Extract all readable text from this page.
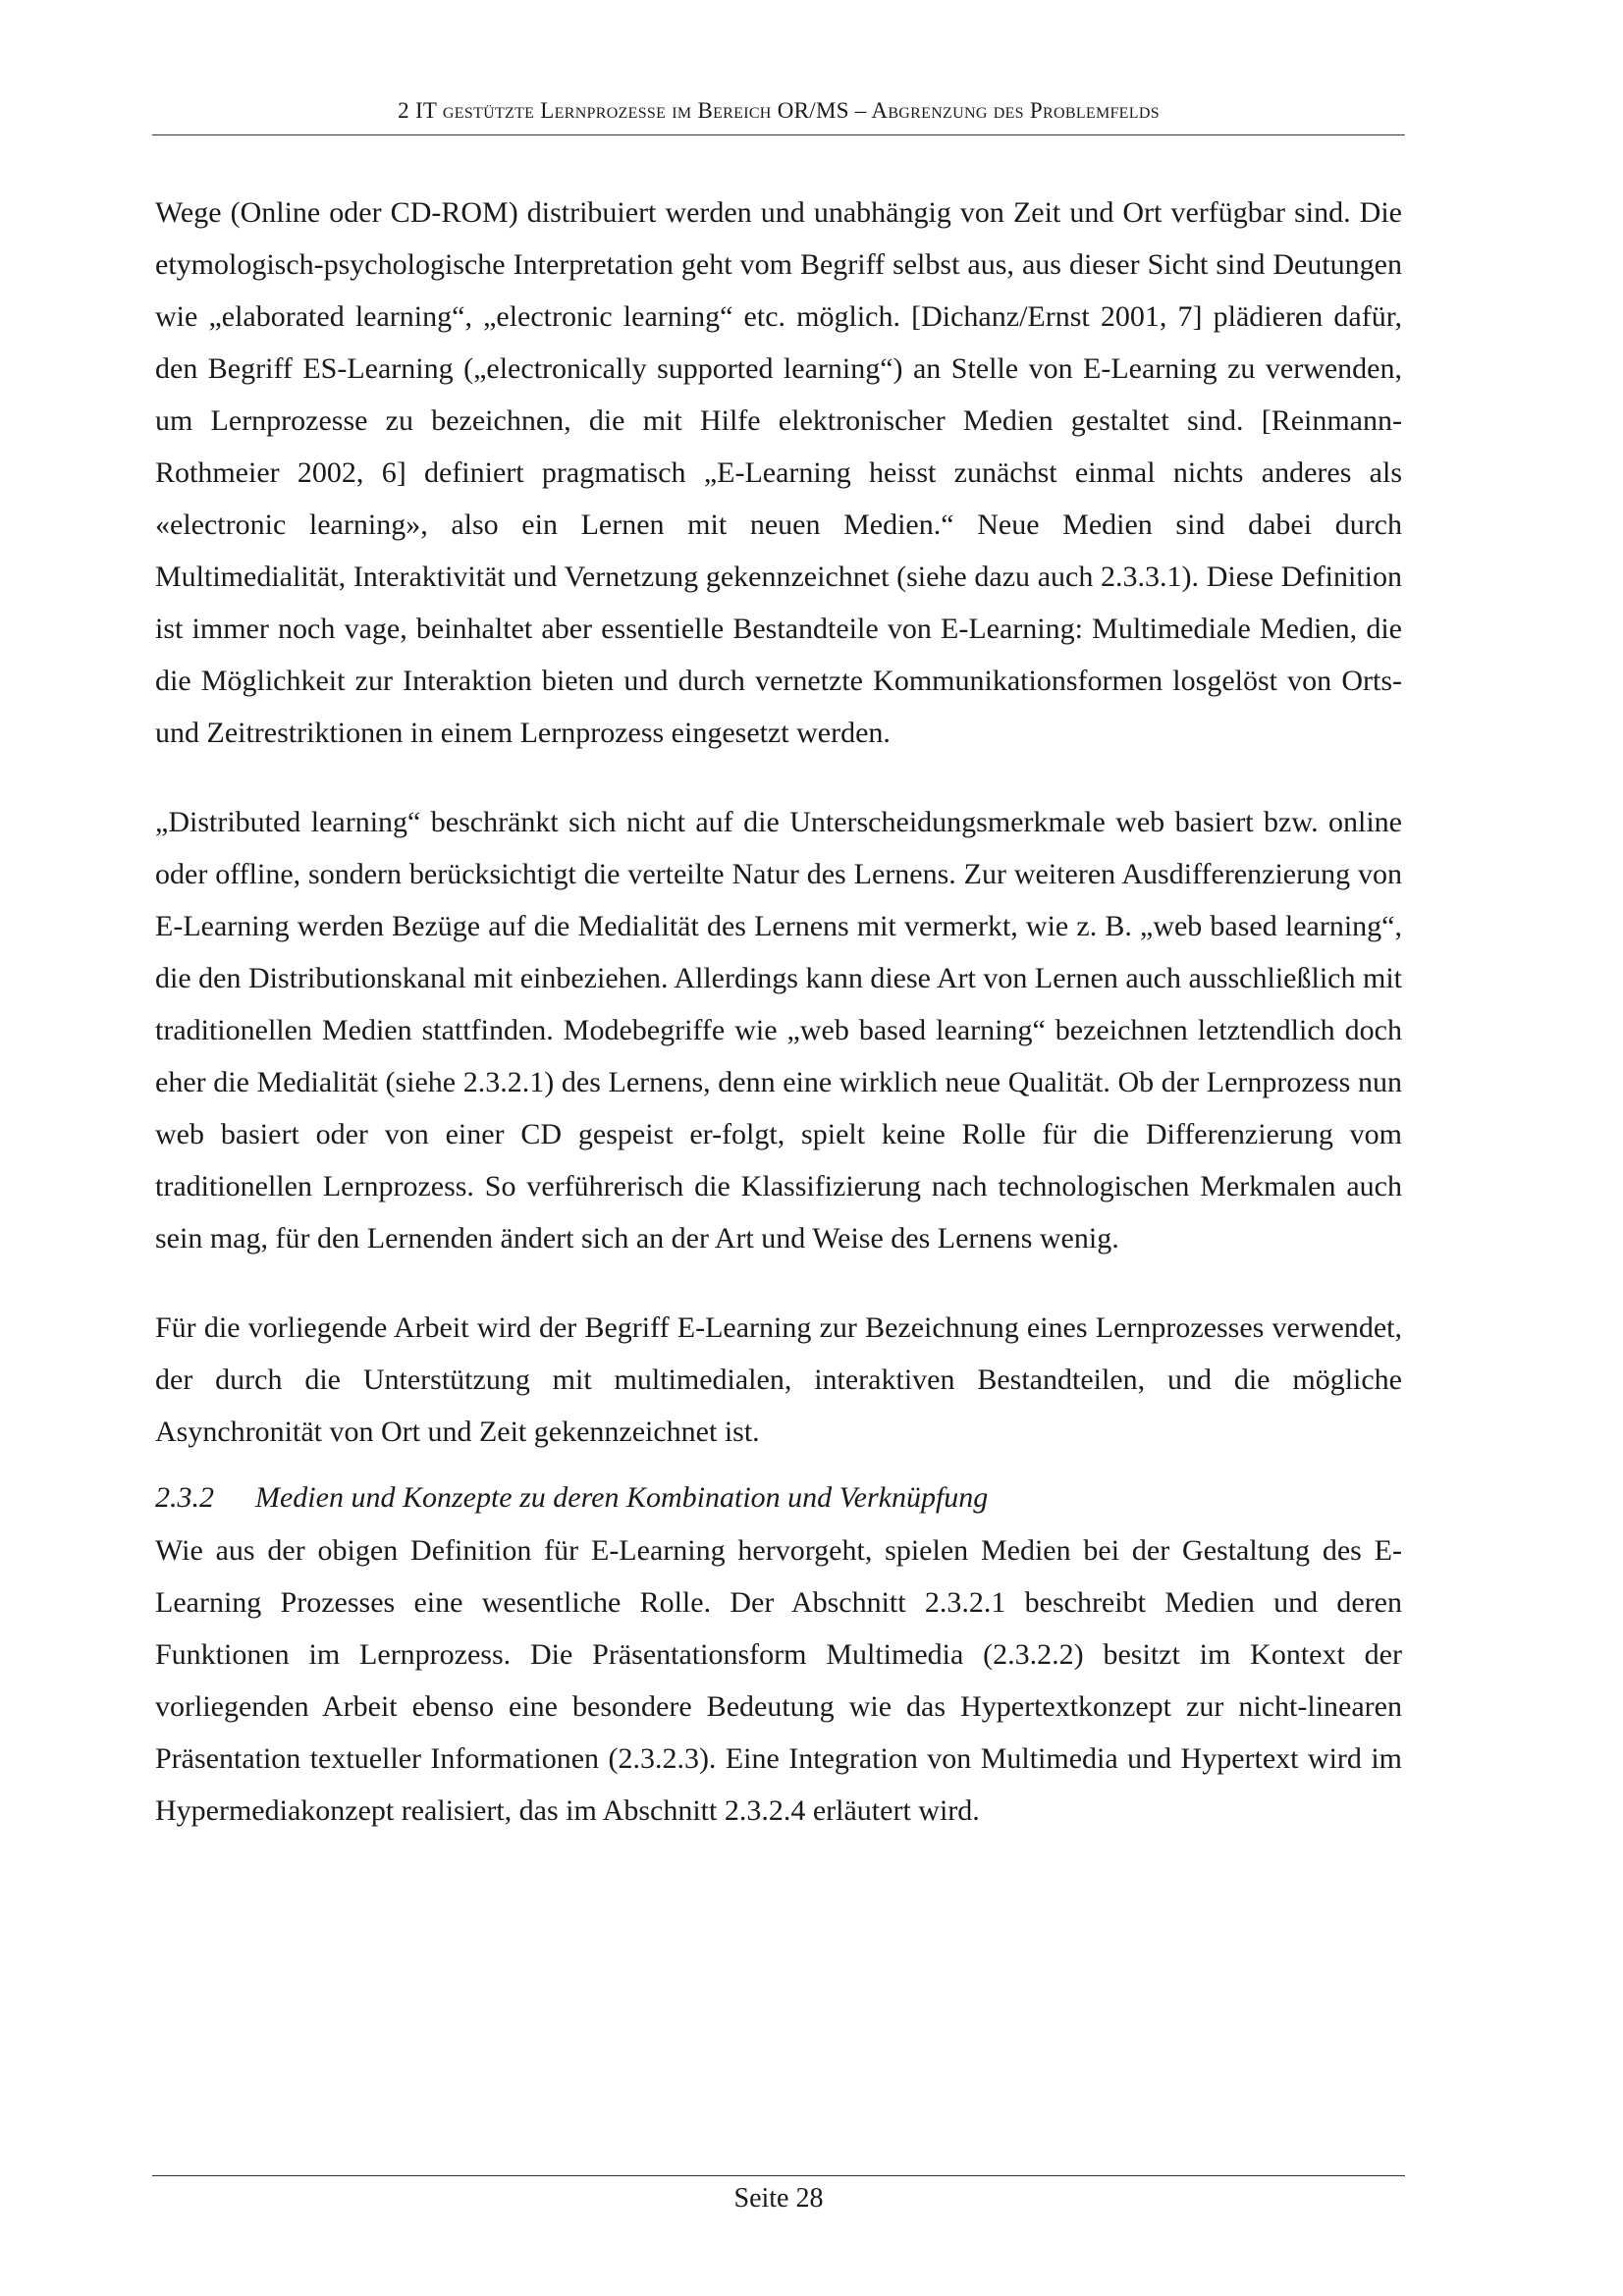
2 IT gestützte Lernprozesse im Bereich OR/MS – Abgrenzung des Problemfelds

Wege (Online oder CD-ROM) distribuiert werden und unabhängig von Zeit und Ort verfügbar sind. Die etymologisch-psychologische Interpretation geht vom Begriff selbst aus, aus dieser Sicht sind Deutungen wie „elaborated learning“, „electronic learning“ etc. möglich. [Dichanz/Ernst 2001, 7] plädieren dafür, den Begriff ES-Learning („electronically supported learning“) an Stelle von E-Learning zu verwenden, um Lernprozesse zu bezeichnen, die mit Hilfe elektronischer Medien gestaltet sind. [Reinmann-Rothmeier 2002, 6] definiert pragmatisch „E-Learning heisst zunächst einmal nichts anderes als «electronic learning», also ein Lernen mit neuen Medien.“ Neue Medien sind dabei durch Multimedialität, Interaktivität und Vernetzung gekennzeichnet (siehe dazu auch 2.3.3.1). Diese Definition ist immer noch vage, beinhaltet aber essentielle Bestandteile von E-Learning: Multimediale Medien, die die Möglichkeit zur Interaktion bieten und durch vernetzte Kommunikationsformen losgelöst von Orts- und Zeitrestriktionen in einem Lernprozess eingesetzt werden.

„Distributed learning“ beschränkt sich nicht auf die Unterscheidungsmerkmale web basiert bzw. online oder offline, sondern berücksichtigt die verteilte Natur des Lernens. Zur weiteren Ausdifferenzierung von E-Learning werden Bezüge auf die Medialität des Lernens mit vermerkt, wie z. B. „web based learning“, die den Distributionskanal mit einbeziehen. Allerdings kann diese Art von Lernen auch ausschließlich mit traditionellen Medien stattfinden. Modebegriffe wie „web based learning“ bezeichnen letztendlich doch eher die Medialität (siehe 2.3.2.1) des Lernens, denn eine wirklich neue Qualität. Ob der Lernprozess nun web basiert oder von einer CD gespeist er-folgt, spielt keine Rolle für die Differenzierung vom traditionellen Lernprozess. So verführerisch die Klassifizierung nach technologischen Merkmalen auch sein mag, für den Lernenden ändert sich an der Art und Weise des Lernens wenig.

Für die vorliegende Arbeit wird der Begriff E-Learning zur Bezeichnung eines Lernprozesses verwendet, der durch die Unterstützung mit multimedialen, interaktiven Bestandteilen, und die mögliche Asynchronität von Ort und Zeit gekennzeichnet ist.

2.3.2 Medien und Konzepte zu deren Kombination und Verknüpfung

Wie aus der obigen Definition für E-Learning hervorgeht, spielen Medien bei der Gestaltung des E-Learning Prozesses eine wesentliche Rolle. Der Abschnitt 2.3.2.1 beschreibt Medien und deren Funktionen im Lernprozess. Die Präsentationsform Multimedia (2.3.2.2) besitzt im Kontext der vorliegenden Arbeit ebenso eine besondere Bedeutung wie das Hypertextkonzept zur nicht-linearen Präsentation textueller Informationen (2.3.2.3). Eine Integration von Multimedia und Hypertext wird im Hypermediakonzept realisiert, das im Abschnitt 2.3.2.4 erläutert wird.

Seite 28
